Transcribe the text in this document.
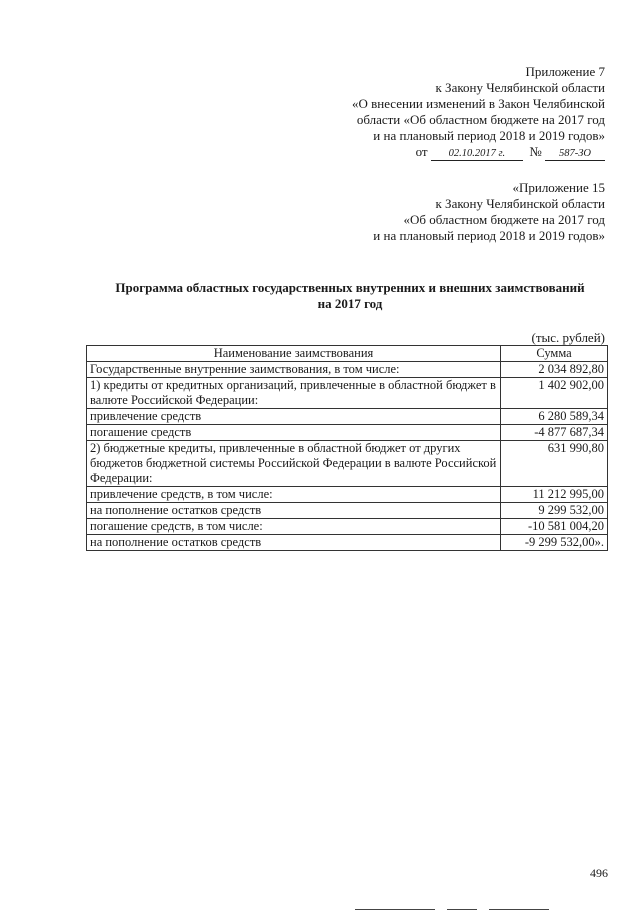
Приложение 7
к Закону Челябинской области
«О внесении изменений в Закон Челябинской
области «Об областном бюджете на 2017 год
и на плановый период 2018 и 2019 годов»
от 02.10.2017 г. № 587-ЗО
«Приложение 15
к Закону Челябинской области
«Об областном бюджете на 2017 год
и на плановый период 2018 и 2019 годов»
Программа областных государственных внутренних и внешних заимствований
на 2017 год
(тыс. рублей)
Наименование заимствования	Сумма
Государственные внутренние заимствования, в том числе:	2 034 892,80
1) кредиты от кредитных организаций, привлеченные в областной бюджет в валюте Российской Федерации:	1 402 902,00
привлечение средств	6 280 589,34
погашение средств	-4 877 687,34
2) бюджетные кредиты, привлеченные в областной бюджет от других бюджетов бюджетной системы Российской Федерации в валюте Российской Федерации:	631 990,80
привлечение средств, в том числе:	11 212 995,00
на пополнение остатков средств	9 299 532,00
погашение средств, в том числе:	-10 581 004,20
на пополнение остатков средств	-9 299 532,00».
496
